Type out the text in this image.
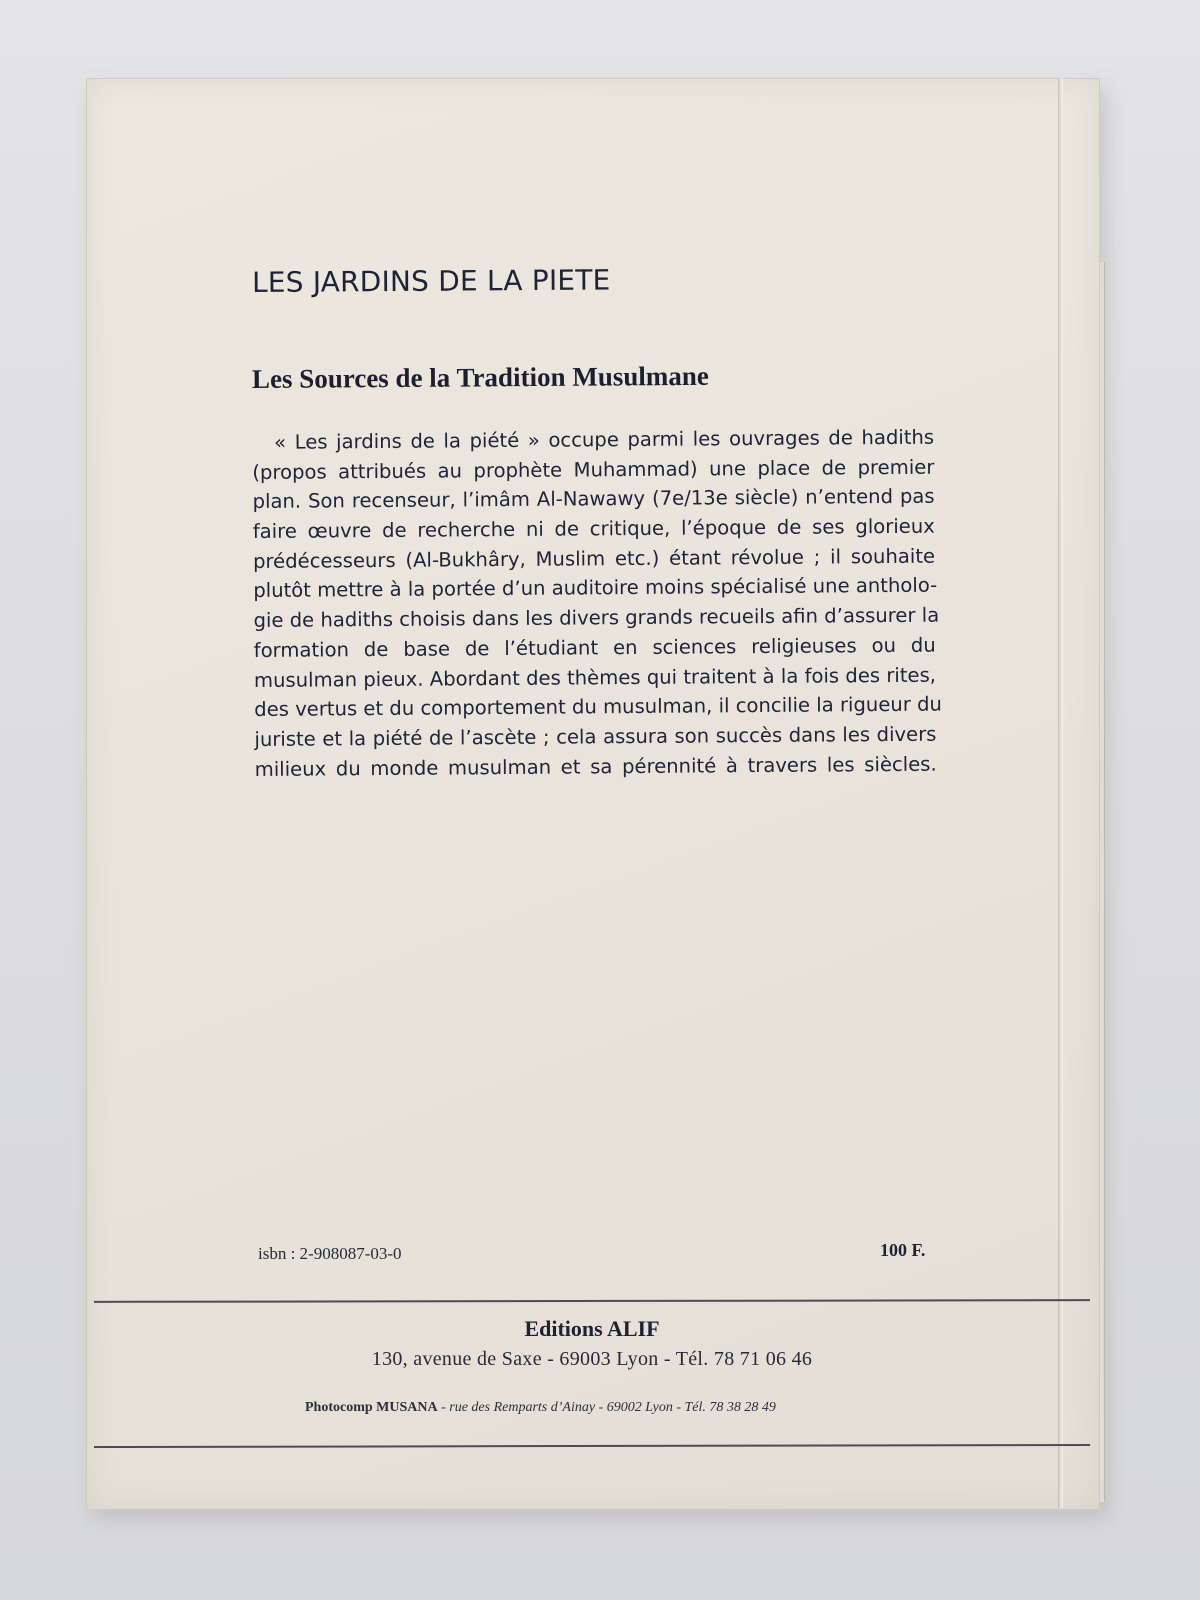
LES JARDINS DE LA PIETE
Les Sources de la Tradition Musulmane
« Les jardins de la piété » occupe parmi les ouvrages de hadiths
(propos attribués au prophète Muhammad) une place de premier
plan. Son recenseur, l’imâm Al-Nawawy (7e/13e siècle) n’entend pas
faire œuvre de recherche ni de critique, l’époque de ses glorieux
prédécesseurs (Al-Bukhâry, Muslim etc.) étant révolue ; il souhaite
plutôt mettre à la portée d’un auditoire moins spécialisé une antholo-
gie de hadiths choisis dans les divers grands recueils afin d’assurer la
formation de base de l’étudiant en sciences religieuses ou du
musulman pieux. Abordant des thèmes qui traitent à la fois des rites,
des vertus et du comportement du musulman, il concilie la rigueur du
juriste et la piété de l’ascète ; cela assura son succès dans les divers
milieux du monde musulman et sa pérennité à travers les siècles.

isbn : 2-908087-03-0	100 F.

Editions ALIF

130, avenue de Saxe - 69003 Lyon - Tél. 78 71 06 46

Photocomp MUSANA - rue des Remparts d’Ainay - 69002 Lyon - Tél. 78 38 28 49
